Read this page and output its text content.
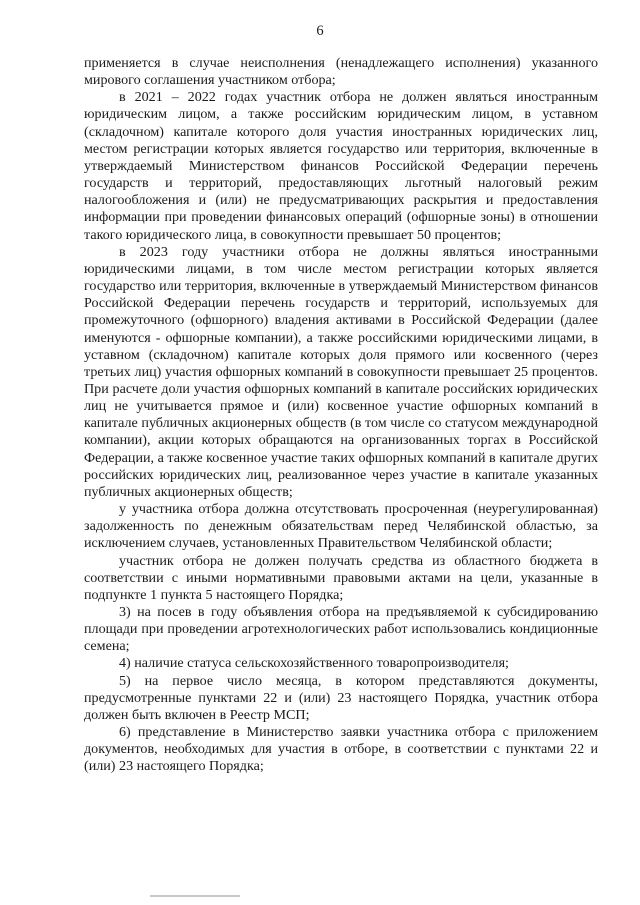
6

применяется в случае неисполнения (ненадлежащего исполнения) указанного мирового соглашения участником отбора;

в 2021 – 2022 годах участник отбора не должен являться иностранным юридическим лицом, а также российским юридическим лицом, в уставном (складочном) капитале которого доля участия иностранных юридических лиц, местом регистрации которых является государство или территория, включенные в утверждаемый Министерством финансов Российской Федерации перечень государств и территорий, предоставляющих льготный налоговый режим налогообложения и (или) не предусматривающих раскрытия и предоставления информации при проведении финансовых операций (офшорные зоны) в отношении такого юридического лица, в совокупности превышает 50 процентов;

в 2023 году участники отбора не должны являться иностранными юридическими лицами, в том числе местом регистрации которых является государство или территория, включенные в утверждаемый Министерством финансов Российской Федерации перечень государств и территорий, используемых для промежуточного (офшорного) владения активами в Российской Федерации (далее именуются - офшорные компании), а также российскими юридическими лицами, в уставном (складочном) капитале которых доля прямого или косвенного (через третьих лиц) участия офшорных компаний в совокупности превышает 25 процентов. При расчете доли участия офшорных компаний в капитале российских юридических лиц не учитывается прямое и (или) косвенное участие офшорных компаний в капитале публичных акционерных обществ (в том числе со статусом международной компании), акции которых обращаются на организованных торгах в Российской Федерации, а также косвенное участие таких офшорных компаний в капитале других российских юридических лиц, реализованное через участие в капитале указанных публичных акционерных обществ;

у участника отбора должна отсутствовать просроченная (неурегулированная) задолженность по денежным обязательствам перед Челябинской областью, за исключением случаев, установленных Правительством Челябинской области;

участник отбора не должен получать средства из областного бюджета в соответствии с иными нормативными правовыми актами на цели, указанные в подпункте 1 пункта 5 настоящего Порядка;

3) на посев в году объявления отбора на предъявляемой к субсидированию площади при проведении агротехнологических работ использовались кондиционные семена;

4) наличие статуса сельскохозяйственного товаропроизводителя;

5) на первое число месяца, в котором представляются документы, предусмотренные пунктами 22 и (или) 23 настоящего Порядка, участник отбора должен быть включен в Реестр МСП;

6) представление в Министерство заявки участника отбора с приложением документов, необходимых для участия в отборе, в соответствии с пунктами 22 и (или) 23 настоящего Порядка;
